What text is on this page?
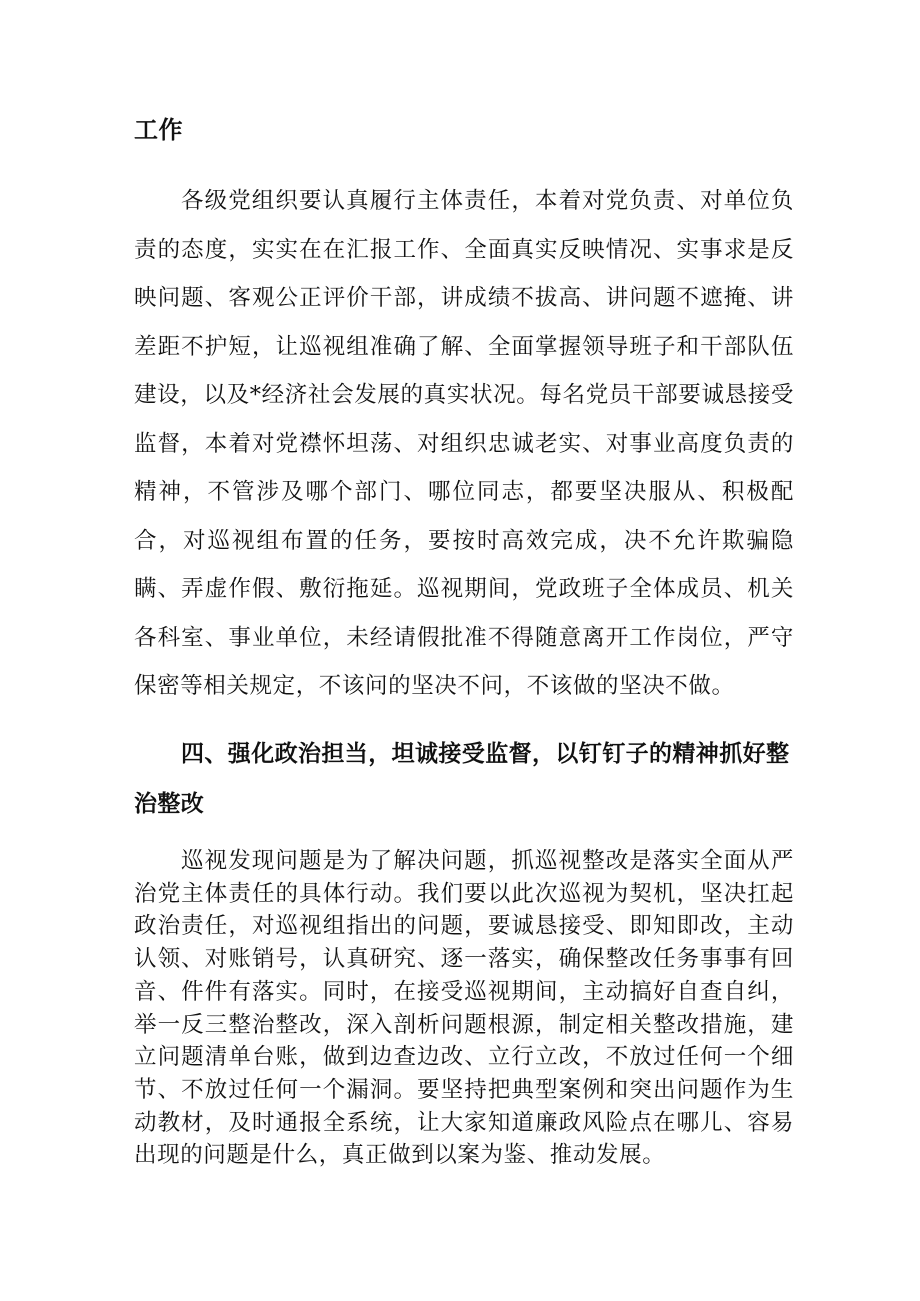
工作
各级党组织要认真履行主体责任，本着对党负责、对单位负责的态度，实实在在汇报工作、全面真实反映情况、实事求是反映问题、客观公正评价干部，讲成绩不拔高、讲问题不遮掩、讲差距不护短，让巡视组准确了解、全面掌握领导班子和干部队伍建设，以及*经济社会发展的真实状况。每名党员干部要诚恳接受监督，本着对党襟怀坦荡、对组织忠诚老实、对事业高度负责的精神，不管涉及哪个部门、哪位同志，都要坚决服从、积极配合，对巡视组布置的任务，要按时高效完成，决不允许欺骗隐瞒、弄虚作假、敷衍拖延。巡视期间，党政班子全体成员、机关各科室、事业单位，未经请假批准不得随意离开工作岗位，严守保密等相关规定，不该问的坚决不问，不该做的坚决不做。
四、强化政治担当，坦诚接受监督，以钉钉子的精神抓好整治整改
巡视发现问题是为了解决问题，抓巡视整改是落实全面从严治党主体责任的具体行动。我们要以此次巡视为契机，坚决扛起政治责任，对巡视组指出的问题，要诚恳接受、即知即改，主动认领、对账销号，认真研究、逐一落实，确保整改任务事事有回音、件件有落实。同时，在接受巡视期间，主动搞好自查自纠，举一反三整治整改，深入剖析问题根源，制定相关整改措施，建立问题清单台账，做到边查边改、立行立改，不放过任何一个细节、不放过任何一个漏洞。要坚持把典型案例和突出问题作为生动教材，及时通报全系统，让大家知道廉政风险点在哪儿、容易出现的问题是什么，真正做到以案为鉴、推动发展。
